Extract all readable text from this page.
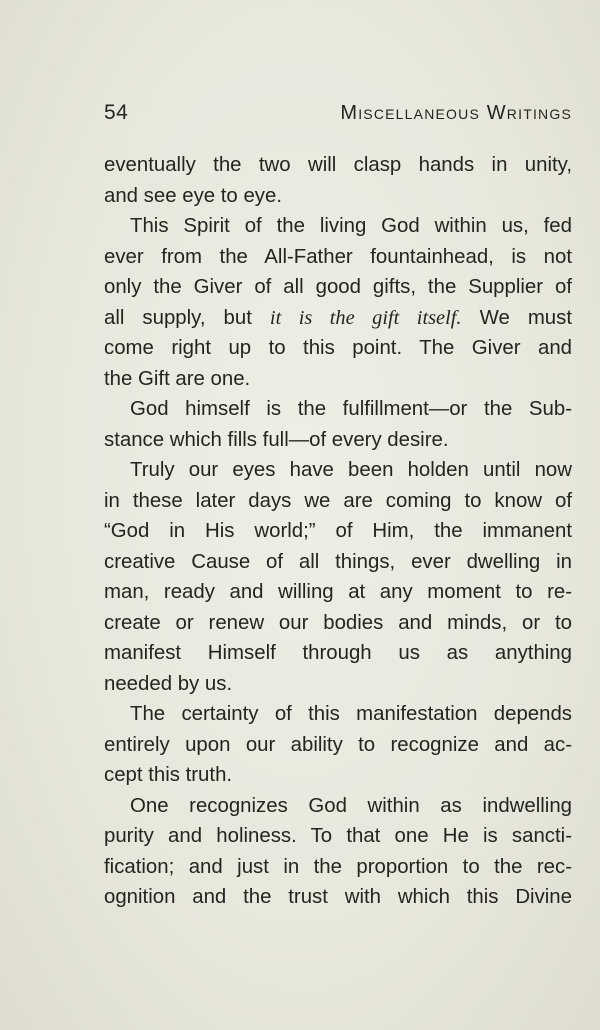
54	Miscellaneous Writings
eventually the two will clasp hands in unity,
and see eye to eye.
This Spirit of the living God within us, fed
ever from the All-Father fountainhead, is not
only the Giver of all good gifts, the Supplier of
all supply, but it is the gift itself. We must
come right up to this point. The Giver and
the Gift are one.
God himself is the fulfillment—or the Sub-
stance which fills full—of every desire.
Truly our eyes have been holden until now
in these later days we are coming to know of
“God in His world;” of Him, the immanent
creative Cause of all things, ever dwelling in
man, ready and willing at any moment to re-
create or renew our bodies and minds, or to
manifest Himself through us as anything
needed by us.
The certainty of this manifestation depends
entirely upon our ability to recognize and ac-
cept this truth.
One recognizes God within as indwelling
purity and holiness. To that one He is sancti-
fication; and just in the proportion to the rec-
ognition and the trust with which this Divine
